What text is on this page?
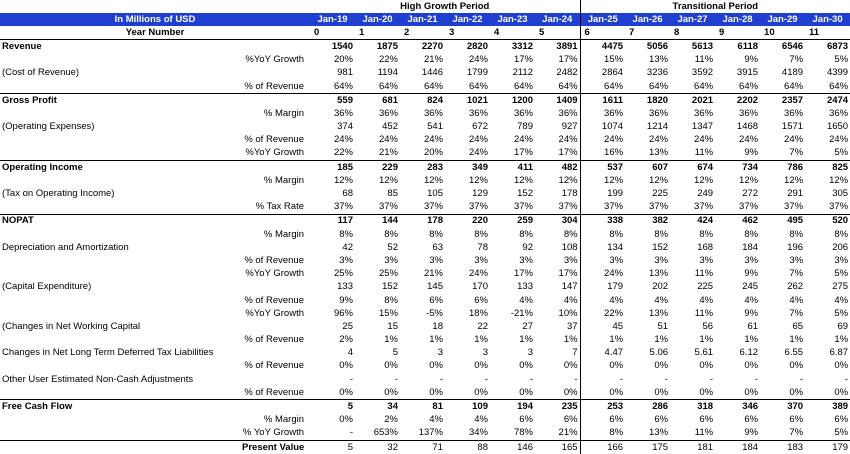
		High Growth Period						Transitional Period					
In Millions of USD		Jan-19	Jan-20	Jan-21	Jan-22	Jan-23	Jan-24	Jan-25	Jan-26	Jan-27	Jan-28	Jan-29	Jan-30
Year Number		0	1	2	3	4	5	6	7	8	9	10	11
Revenue		1540	1875	2270	2820	3312	3891	4475	5056	5613	6118	6546	6873
	%YoY Growth	20%	22%	21%	24%	17%	17%	15%	13%	11%	9%	7%	5%
(Cost of Revenue)		981	1194	1446	1799	2112	2482	2864	3236	3592	3915	4189	4399
	% of Revenue	64%	64%	64%	64%	64%	64%	64%	64%	64%	64%	64%	64%
Gross Profit		559	681	824	1021	1200	1409	1611	1820	2021	2202	2357	2474
	% Margin	36%	36%	36%	36%	36%	36%	36%	36%	36%	36%	36%	36%
(Operating Expenses)		374	452	541	672	789	927	1074	1214	1347	1468	1571	1650
	% of Revenue	24%	24%	24%	24%	24%	24%	24%	24%	24%	24%	24%	24%
	%YoY Growth	22%	21%	20%	24%	17%	17%	16%	13%	11%	9%	7%	5%
Operating Income		185	229	283	349	411	482	537	607	674	734	786	825
	% Margin	12%	12%	12%	12%	12%	12%	12%	12%	12%	12%	12%	12%
(Tax on Operating Income)		68	85	105	129	152	178	199	225	249	272	291	305
	% Tax Rate	37%	37%	37%	37%	37%	37%	37%	37%	37%	37%	37%	37%
NOPAT		117	144	178	220	259	304	338	382	424	462	495	520
	% Margin	8%	8%	8%	8%	8%	8%	8%	8%	8%	8%	8%	8%
Depreciation and Amortization		42	52	63	78	92	108	134	152	168	184	196	206
	% of Revenue	3%	3%	3%	3%	3%	3%	3%	3%	3%	3%	3%	3%
	%YoY Growth	25%	25%	21%	24%	17%	17%	24%	13%	11%	9%	7%	5%
(Capital Expenditure)		133	152	145	170	133	147	179	202	225	245	262	275
	% of Revenue	9%	8%	6%	6%	4%	4%	4%	4%	4%	4%	4%	4%
	%YoY Growth	96%	15%	-5%	18%	-21%	10%	22%	13%	11%	9%	7%	5%
(Changes in Net Working Capital		25	15	18	22	27	37	45	51	56	61	65	69
	% of Revenue	2%	1%	1%	1%	1%	1%	1%	1%	1%	1%	1%	1%
Changes in Net Long Term Deferred Tax Liabilities		4	5	3	3	3	7	4.47	5.06	5.61	6.12	6.55	6.87
	% of Revenue	0%	0%	0%	0%	0%	0%	0%	0%	0%	0%	0%	0%
Other User Estimated Non-Cash Adjustments		-	-	-	-	-	-	-	-	-	-	-	-
	% of Revenue	0%	0%	0%	0%	0%	0%	0%	0%	0%	0%	0%	0%
Free Cash Flow		5	34	81	109	194	235	253	286	318	346	370	389
	% Margin	0%	2%	4%	4%	6%	6%	6%	6%	6%	6%	6%	6%
	% YoY Growth	-	653%	137%	34%	78%	21%	8%	13%	11%	9%	7%	5%
	Present Value	5	32	71	88	146	165	166	175	181	184	183	179
